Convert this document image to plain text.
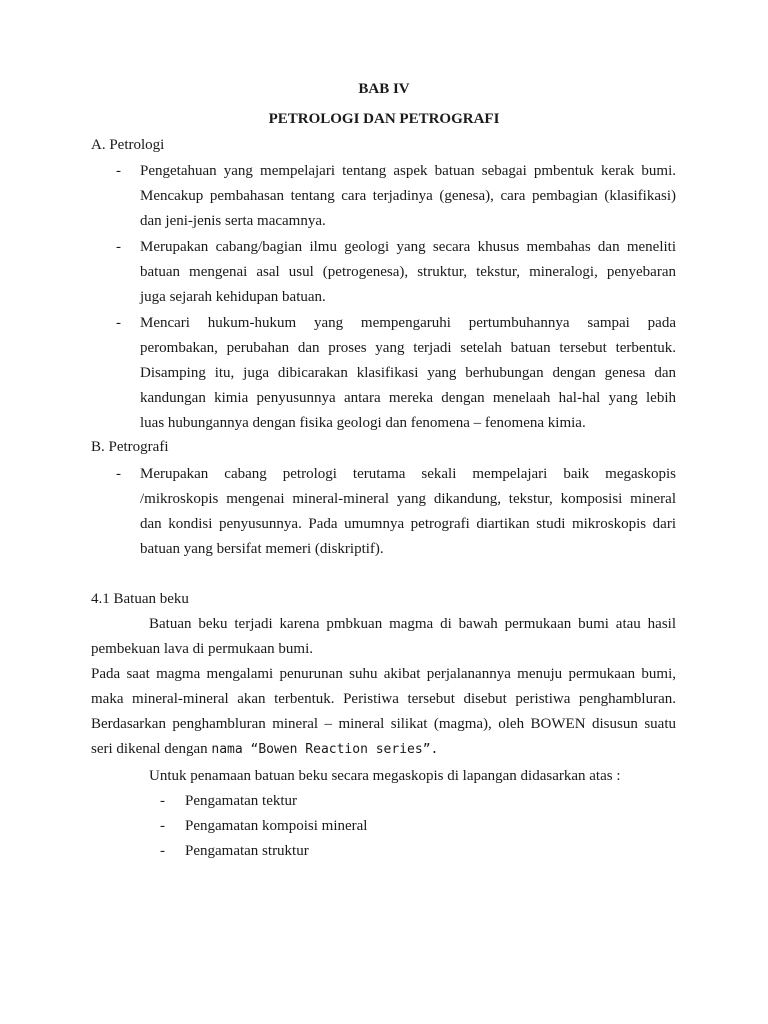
BAB IV
PETROLOGI DAN PETROGRAFI
A. Petrologi
- Pengetahuan yang mempelajari tentang aspek batuan sebagai pmbentuk kerak bumi.
Mencakup pembahasan tentang cara terjadinya (genesa), cara pembagian (klasifikasi)
dan jeni-jenis serta macamnya.
- Merupakan cabang/bagian ilmu geologi yang secara khusus membahas dan meneliti
batuan mengenai asal usul (petrogenesa), struktur, tekstur, mineralogi, penyebaran
juga sejarah kehidupan batuan.
- Mencari hukum-hukum yang mempengaruhi pertumbuhannya sampai pada
perombakan, perubahan dan proses yang terjadi setelah batuan tersebut terbentuk.
Disamping itu, juga dibicarakan klasifikasi yang berhubungan dengan genesa dan
kandungan kimia penyusunnya antara mereka dengan menelaah hal-hal yang lebih
luas hubungannya dengan fisika geologi dan fenomena – fenomena kimia.
B. Petrografi
- Merupakan cabang petrologi terutama sekali mempelajari baik megaskopis
/mikroskopis mengenai mineral-mineral yang dikandung, tekstur, komposisi mineral
dan kondisi penyusunnya. Pada umumnya petrografi diartikan studi mikroskopis dari
batuan yang bersifat memeri (diskriptif).
4.1 Batuan beku
Batuan beku terjadi karena pmbkuan magma di bawah permukaan bumi atau hasil
pembekuan lava di permukaan bumi.
Pada saat magma mengalami penurunan suhu akibat perjalanannya menuju permukaan bumi,
maka mineral-mineral akan terbentuk. Peristiwa tersebut disebut peristiwa penghambluran.
Berdasarkan penghambluran mineral – mineral silikat (magma), oleh BOWEN disusun suatu
seri dikenal dengan nama “Bowen Reaction series”.
Untuk penamaan batuan beku secara megaskopis di lapangan didasarkan atas :
- Pengamatan tektur
- Pengamatan kompoisi mineral
- Pengamatan struktur
